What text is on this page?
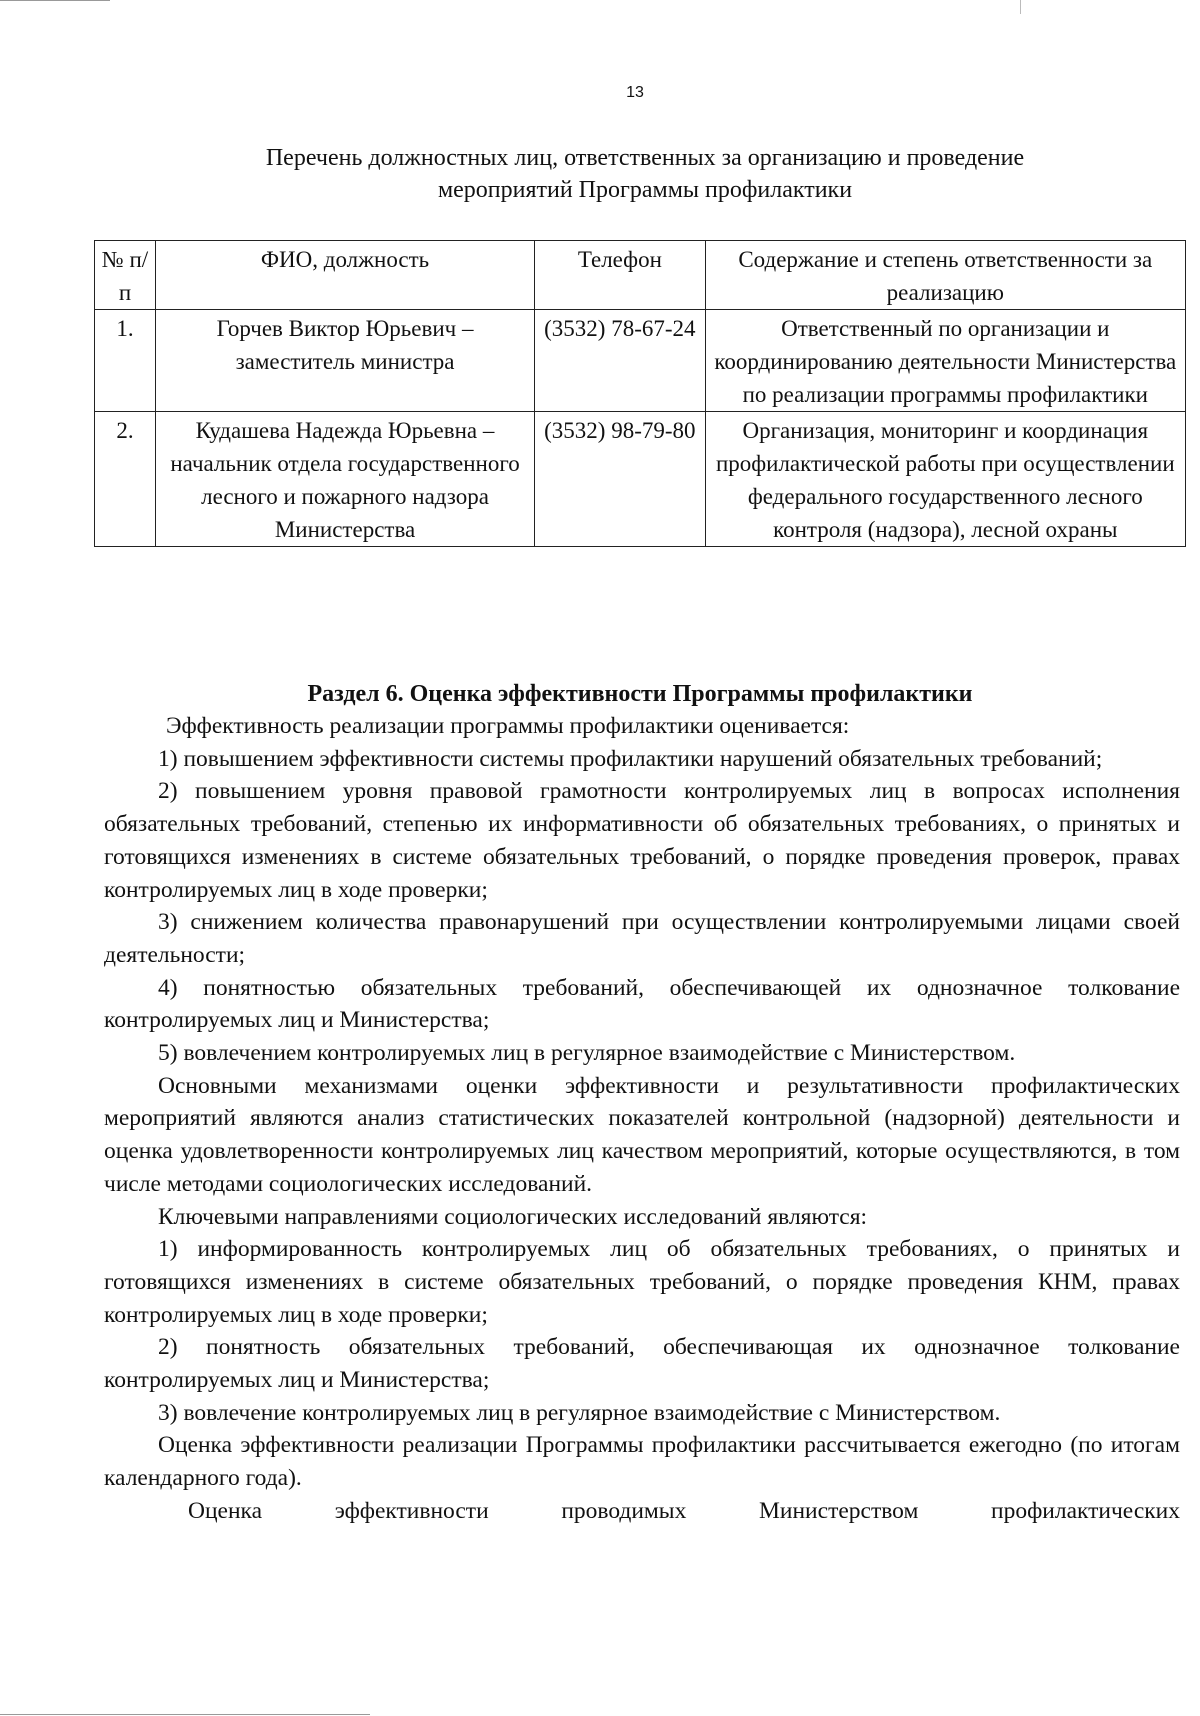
13
Перечень должностных лиц, ответственных за организацию и проведение
мероприятий Программы профилактики
№ п/п	ФИО, должность	Телефон	Содержание и степень ответственности за реализацию
1.	Горчев Виктор Юрьевич – заместитель министра	(3532) 78-67-24	Ответственный по организации и координированию деятельности Министерства по реализации программы профилактики
2.	Кудашева Надежда Юрьевна – начальник отдела государственного лесного и пожарного надзора Министерства	(3532) 98-79-80	Организация, мониторинг и координация профилактической работы при осуществлении федерального государственного лесного контроля (надзора), лесной охраны
Раздел 6. Оценка эффективности Программы профилактики

Эффективность реализации программы профилактики оценивается:

1) повышением эффективности системы профилактики нарушений обязательных требований;

2) повышением уровня правовой грамотности контролируемых лиц в вопросах исполнения обязательных требований, степенью их информативности об обязательных требованиях, о принятых и готовящихся изменениях в системе обязательных требований, о порядке проведения проверок, правах контролируемых лиц в ходе проверки;

3) снижением количества правонарушений при осуществлении контролируемыми лицами своей деятельности;

4) понятностью обязательных требований, обеспечивающей их однозначное толкование контролируемых лиц и Министерства;

5) вовлечением контролируемых лиц в регулярное взаимодействие с Министерством.

Основными механизмами оценки эффективности и результативности профилактических мероприятий являются анализ статистических показателей контрольной (надзорной) деятельности и оценка удовлетворенности контролируемых лиц качеством мероприятий, которые осуществляются, в том числе методами социологических исследований.

Ключевыми направлениями социологических исследований являются:

1) информированность контролируемых лиц об обязательных требованиях, о принятых и готовящихся изменениях в системе обязательных требований, о порядке проведения КНМ, правах контролируемых лиц в ходе проверки;

2) понятность обязательных требований, обеспечивающая их однозначное толкование контролируемых лиц и Министерства;

3) вовлечение контролируемых лиц в регулярное взаимодействие с Министерством.

Оценка эффективности реализации Программы профилактики рассчитывается ежегодно (по итогам календарного года).

Оценка эффективности проводимых Министерством профилактических
